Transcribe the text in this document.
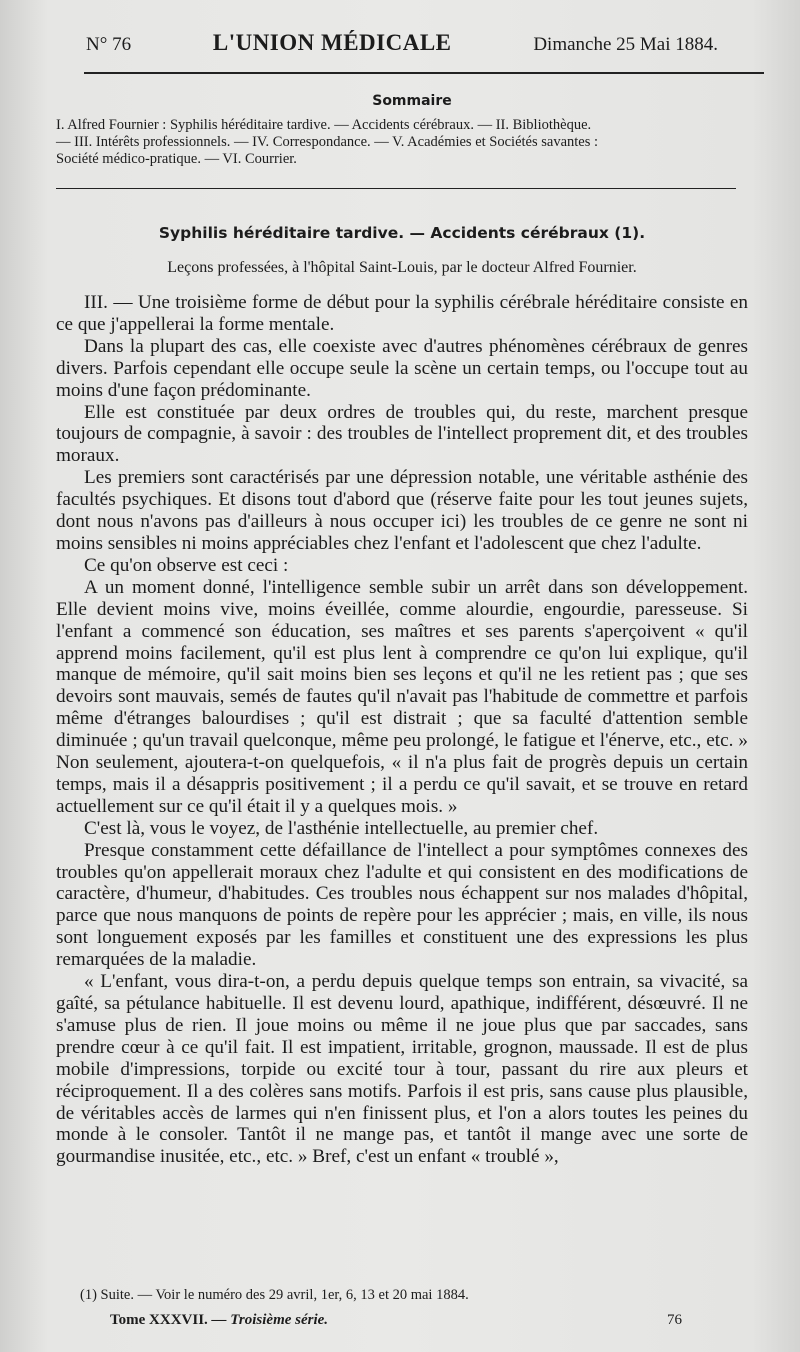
N° 76	L'UNION MÉDICALE	Dimanche 25 Mai 1884.
Sommaire
I. Alfred Fournier : Syphilis héréditaire tardive. — Accidents cérébraux. — II. Bibliothèque.
— III. Intérêts professionnels. — IV. Correspondance. — V. Académies et Sociétés savantes :
Société médico-pratique. — VI. Courrier.
Syphilis héréditaire tardive. — Accidents cérébraux (1).
Leçons professées, à l'hôpital Saint-Louis, par le docteur Alfred Fournier.

III. — Une troisième forme de début pour la syphilis cérébrale héréditaire consiste en ce que j'appellerai la forme mentale.

Dans la plupart des cas, elle coexiste avec d'autres phénomènes cérébraux de genres divers. Parfois cependant elle occupe seule la scène un certain temps, ou l'occupe tout au moins d'une façon prédominante.

Elle est constituée par deux ordres de troubles qui, du reste, marchent presque toujours de compagnie, à savoir : des troubles de l'intellect proprement dit, et des troubles moraux.

Les premiers sont caractérisés par une dépression notable, une véritable asthénie des facultés psychiques. Et disons tout d'abord que (réserve faite pour les tout jeunes sujets, dont nous n'avons pas d'ailleurs à nous occuper ici) les troubles de ce genre ne sont ni moins sensibles ni moins appréciables chez l'enfant et l'adolescent que chez l'adulte.

Ce qu'on observe est ceci :

A un moment donné, l'intelligence semble subir un arrêt dans son développement. Elle devient moins vive, moins éveillée, comme alourdie, engourdie, paresseuse. Si l'enfant a commencé son éducation, ses maîtres et ses parents s'aperçoivent « qu'il apprend moins facilement, qu'il est plus lent à comprendre ce qu'on lui explique, qu'il manque de mémoire, qu'il sait moins bien ses leçons et qu'il ne les retient pas ; que ses devoirs sont mauvais, semés de fautes qu'il n'avait pas l'habitude de commettre et parfois même d'étranges balourdises ; qu'il est distrait ; que sa faculté d'attention semble diminuée ; qu'un travail quelconque, même peu prolongé, le fatigue et l'énerve, etc., etc. » Non seulement, ajoutera-t-on quelquefois, « il n'a plus fait de progrès depuis un certain temps, mais il a désappris positivement ; il a perdu ce qu'il savait, et se trouve en retard actuellement sur ce qu'il était il y a quelques mois. »

C'est là, vous le voyez, de l'asthénie intellectuelle, au premier chef.

Presque constamment cette défaillance de l'intellect a pour symptômes connexes des troubles qu'on appellerait moraux chez l'adulte et qui consistent en des modifications de caractère, d'humeur, d'habitudes. Ces troubles nous échappent sur nos malades d'hôpital, parce que nous manquons de points de repère pour les apprécier ; mais, en ville, ils nous sont longuement exposés par les familles et constituent une des expressions les plus remarquées de la maladie.

« L'enfant, vous dira-t-on, a perdu depuis quelque temps son entrain, sa vivacité, sa gaîté, sa pétulance habituelle. Il est devenu lourd, apathique, indifférent, désœuvré. Il ne s'amuse plus de rien. Il joue moins ou même il ne joue plus que par saccades, sans prendre cœur à ce qu'il fait. Il est impatient, irritable, grognon, maussade. Il est de plus mobile d'impressions, torpide ou excité tour à tour, passant du rire aux pleurs et réciproquement. Il a des colères sans motifs. Parfois il est pris, sans cause plus plausible, de véritables accès de larmes qui n'en finissent plus, et l'on a alors toutes les peines du monde à le consoler. Tantôt il ne mange pas, et tantôt il mange avec une sorte de gourmandise inusitée, etc., etc. » Bref, c'est un enfant « troublé »,

(1) Suite. — Voir le numéro des 29 avril, 1er, 6, 13 et 20 mai 1884.
Tome XXXVII. — Troisième série.	76
